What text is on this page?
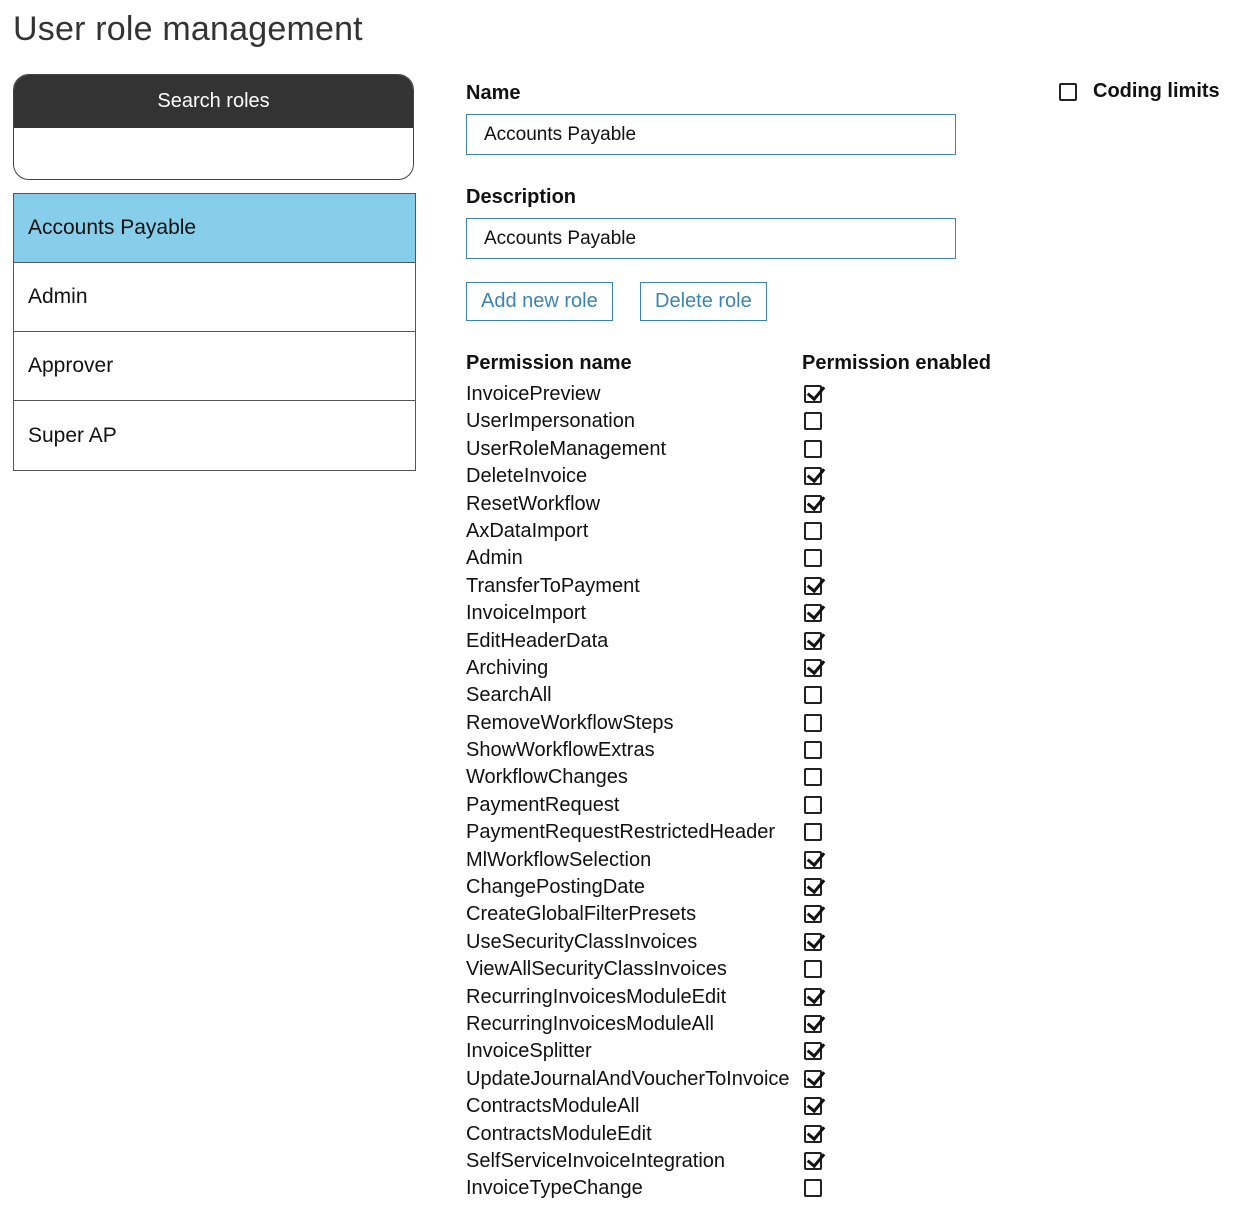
User role management
Search roles
Accounts Payable
Admin
Approver
Super AP
Name
Accounts Payable
Description
Accounts Payable
Add new role	Delete role
Coding limits
Permission name	Permission enabled
InvoicePreview
UserImpersonation
UserRoleManagement
DeleteInvoice
ResetWorkflow
AxDataImport
Admin
TransferToPayment
InvoiceImport
EditHeaderData
Archiving
SearchAll
RemoveWorkflowSteps
ShowWorkflowExtras
WorkflowChanges
PaymentRequest
PaymentRequestRestrictedHeader
MlWorkflowSelection
ChangePostingDate
CreateGlobalFilterPresets
UseSecurityClassInvoices
ViewAllSecurityClassInvoices
RecurringInvoicesModuleEdit
RecurringInvoicesModuleAll
InvoiceSplitter
UpdateJournalAndVoucherToInvoice
ContractsModuleAll
ContractsModuleEdit
SelfServiceInvoiceIntegration
InvoiceTypeChange
